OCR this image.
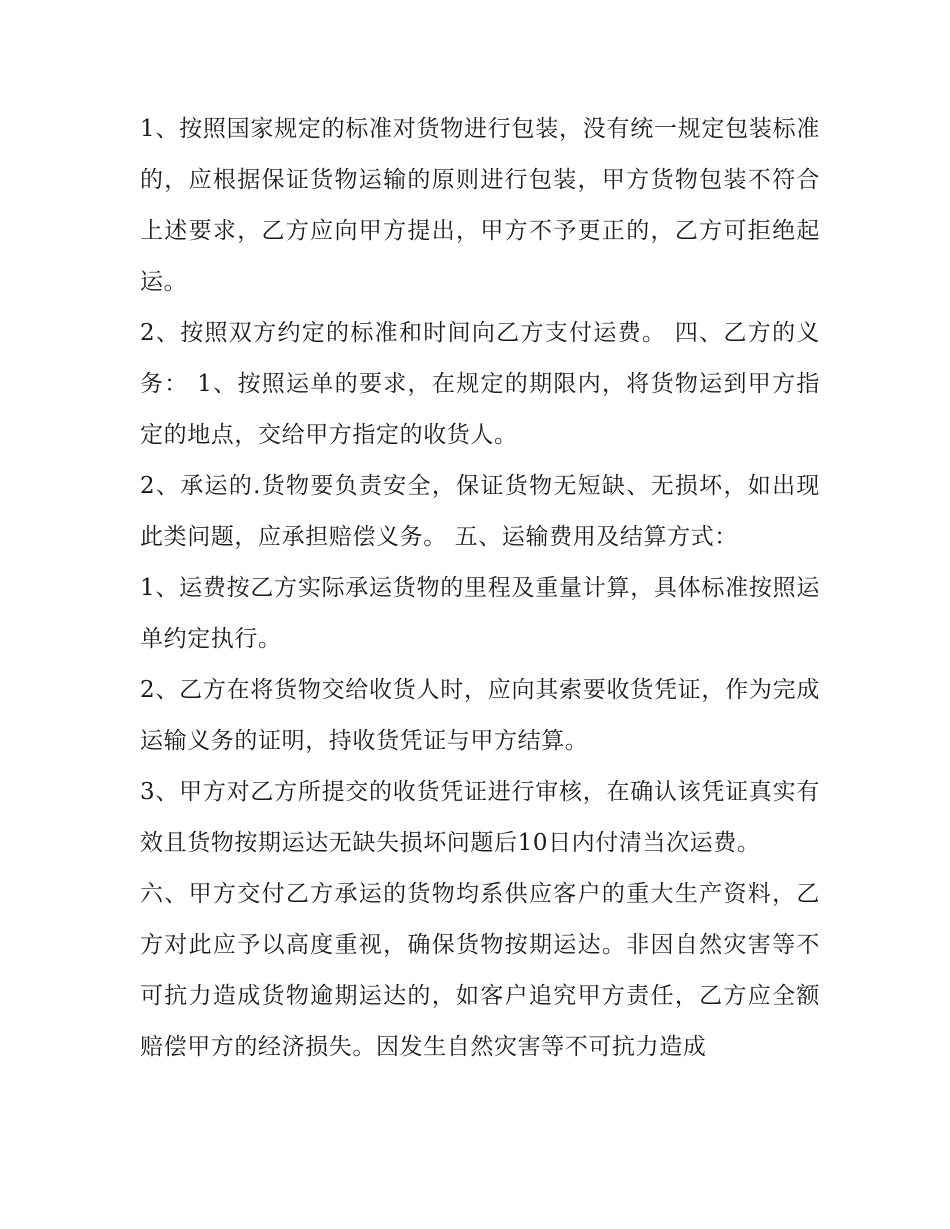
1、按照国家规定的标准对货物进行包装，没有统一规定包装标准的，应根据保证货物运输的原则进行包装，甲方货物包装不符合上述要求，乙方应向甲方提出，甲方不予更正的，乙方可拒绝起运。

2、按照双方约定的标准和时间向乙方支付运费。 四、乙方的义务： 1、按照运单的要求，在规定的期限内，将货物运到甲方指定的地点，交给甲方指定的收货人。

2、承运的.货物要负责安全，保证货物无短缺、无损坏，如出现此类问题，应承担赔偿义务。 五、运输费用及结算方式：

1、运费按乙方实际承运货物的里程及重量计算，具体标准按照运单约定执行。

2、乙方在将货物交给收货人时，应向其索要收货凭证，作为完成运输义务的证明，持收货凭证与甲方结算。

3、甲方对乙方所提交的收货凭证进行审核，在确认该凭证真实有效且货物按期运达无缺失损坏问题后10日内付清当次运费。

六、甲方交付乙方承运的货物均系供应客户的重大生产资料，乙方对此应予以高度重视，确保货物按期运达。非因自然灾害等不可抗力造成货物逾期运达的，如客户追究甲方责任，乙方应全额赔偿甲方的经济损失。因发生自然灾害等不可抗力造成
